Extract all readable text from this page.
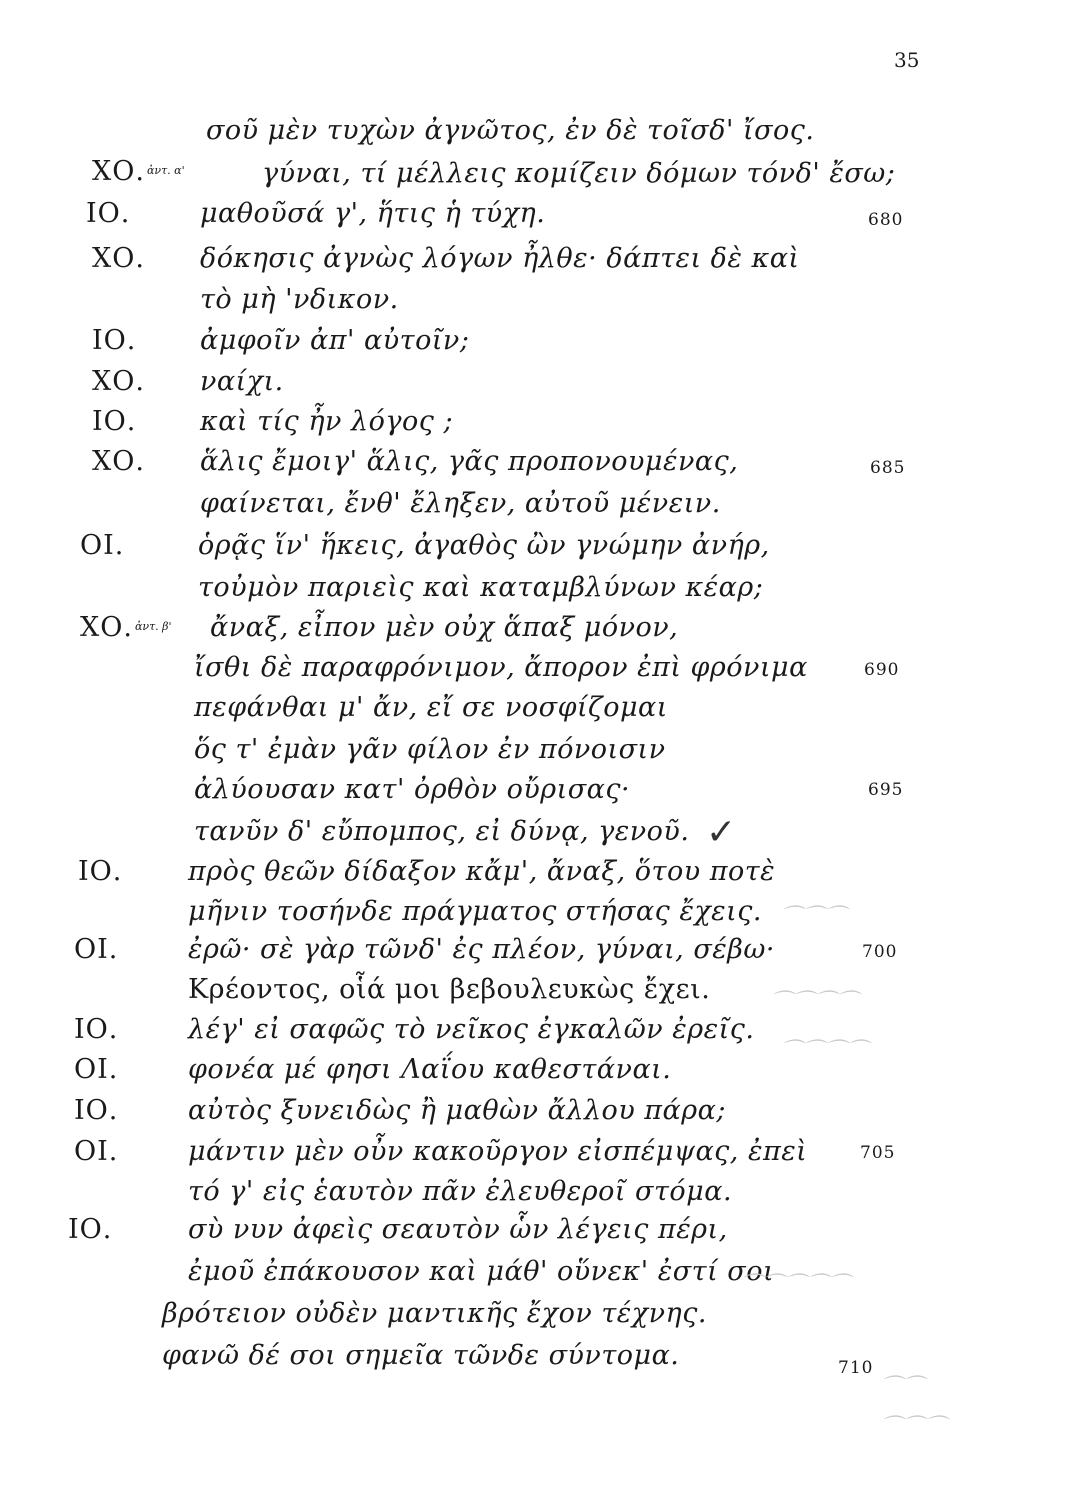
35
ΧΟ. $^{ἀ\nu\tau. \alpha'}$
ΙΟ.
ΧΟ.
ΙΟ.
ΧΟ.
ΙΟ.
ΧΟ.
ΟΙ.
ΧΟ. $^{ἀ\nu\tau. \beta'}$
ΙΟ.
ΟΙ.
ΙΟ.
ΟΙ.
ΙΟ.
ΟΙ.
ΙΟ.
σοῦ μὲν τυχὼν ἀγνῶτος, ἐν δὲ τοῖσδ' ἴσος.
γύναι, τί μέλλεις κομίζειν δόμων τόνδ' ἔσω;
μαθοῦσά γ', ἥτις ἡ τύχη.
δόκησις ἀγνὼς λόγων ἦλθε· δάπτει δὲ καὶ
τὸ μὴ 'νδικον.
ἀμφοῖν ἀπ' αὐτοῖν;
ναίχι.
καὶ τίς ἦν λόγος ;
ἅλις ἔμοιγ' ἅλις, γᾶς προπονουμένας,
φαίνεται, ἔνθ' ἔληξεν, αὐτοῦ μένειν.
ὁρᾷς ἵν' ἥκεις, ἀγαθὸς ὢν γνώμην ἀνήρ,
τοὐμὸν παριεὶς καὶ καταμβλύνων κέαρ;
ἄναξ, εἶπον μὲν οὐχ ἅπαξ μόνον,
ἴσθι δὲ παραφρόνιμον, ἄπορον ἐπὶ φρόνιμα
πεφάνθαι μ' ἄν, εἴ σε νοσφίζομαι
ὅς τ' ἐμὰν γᾶν φίλον ἐν πόνοισιν
ἀλύουσαν κατ' ὀρθὸν οὔρισας·
τανῦν δ' εὔπομπος, εἰ δύνᾳ, γενοῦ.
πρὸς θεῶν δίδαξον κἄμ', ἄναξ, ὅτου ποτὲ
μῆνιν τοσήνδε πράγματος στήσας ἔχεις.
ἐρῶ· σὲ γὰρ τῶνδ' ἐς πλέον, γύναι, σέβω·
Κρέοντος, οἷά μοι βεβουλευκὼς ἔχει.
λέγ' εἰ σαφῶς τὸ νεῖκος ἐγκαλῶν ἐρεῖς.
φονέα μέ φησι Λαΐου καθεστάναι.
αὐτὸς ξυνειδὼς ἢ μαθὼν ἄλλου πάρα;
μάντιν μὲν οὖν κακοῦργον εἰσπέμψας, ἐπεὶ
τό γ' εἰς ἑαυτὸν πᾶν ἐλευθεροῖ στόμα.
σὺ νυν ἀφεὶς σεαυτὸν ὧν λέγεις πέρι,
ἐμοῦ ἐπάκουσον καὶ μάθ' οὕνεκ' ἐστί σοι
βρότειον οὐδὲν μαντικῆς ἔχον τέχνης.
φανῶ δέ σοι σημεῖα τῶνδε σύντομα.
680
685
690
695
700
705
710
✓
⌒⌒⌒
⌒⌒⌒⌒
⌒⌒⌒⌒
⌒⌒⌒⌒⌒
⌒⌒
⌒⌒⌒
